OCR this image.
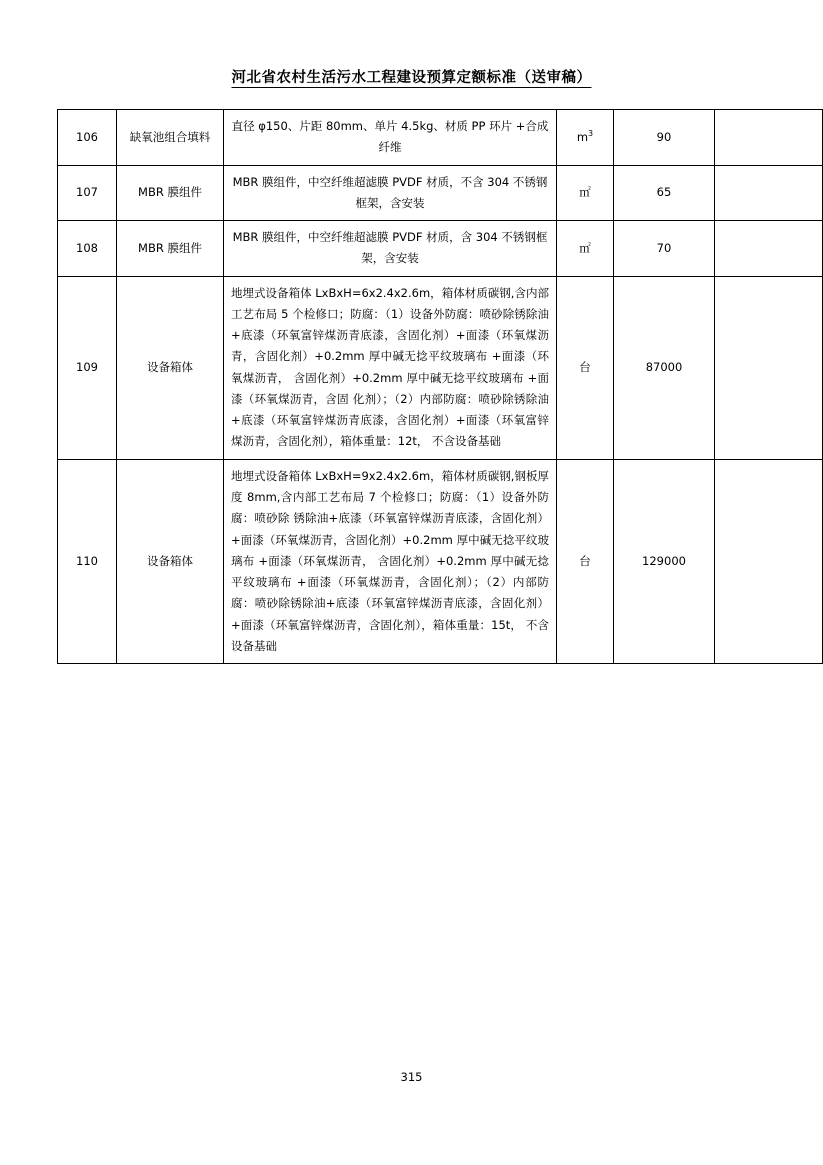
河北省农村生活污水工程建设预算定额标准（送审稿）
106	缺氧池组合填料	直径 φ150、片距 80mm、单片 4.5kg、材质 PP 环片 +合成纤维	$m^3$	90	
107	MBR 膜组件	MBR 膜组件，中空纤维超滤膜 PVDF 材质，不含 304 不锈钢框架，含安装	㎡	65	
108	MBR 膜组件	MBR 膜组件，中空纤维超滤膜 PVDF 材质，含 304 不锈钢框架，含安装	㎡	70	
109	设备箱体	地埋式设备箱体 LxBxH=6x2.4x2.6m，箱体材质碳钢,含内部工艺布局 5 个检修口；防腐：（1）设备外防腐：喷砂除锈除油+底漆（环氧富锌煤沥青底漆，含固化剂）+面漆（环氧煤沥 青，含固化剂）+0.2mm 厚中碱无捻平纹玻璃布 +面漆（环氧煤沥青， 含固化剂）+0.2mm 厚中碱无捻平纹玻璃布 +面漆（环氧煤沥青，含固 化剂）；（2）内部防腐：喷砂除锈除油+底漆（环氧富锌煤沥青底漆，含固化剂）+面漆（环氧富锌煤沥青，含固化剂），箱体重量：12t， 不含设备基础	台	87000	
110	设备箱体	地埋式设备箱体 LxBxH=9x2.4x2.6m，箱体材质碳钢,钢板厚度 8mm,含内部工艺布局 7 个检修口；防腐：（1）设备外防腐：喷砂除 锈除油+底漆（环氧富锌煤沥青底漆，含固化剂）+面漆（环氧煤沥青，含固化剂）+0.2mm 厚中碱无捻平纹玻璃布 +面漆（环氧煤沥青， 含固化剂）+0.2mm 厚中碱无捻平纹玻璃布 +面漆（环氧煤沥青，含固化剂）；（2）内部防腐：喷砂除锈除油+底漆（环氧富锌煤沥青底漆，含固化剂）+面漆（环氧富锌煤沥青，含固化剂），箱体重量：15t， 不含设备基础	台	129000	
315
